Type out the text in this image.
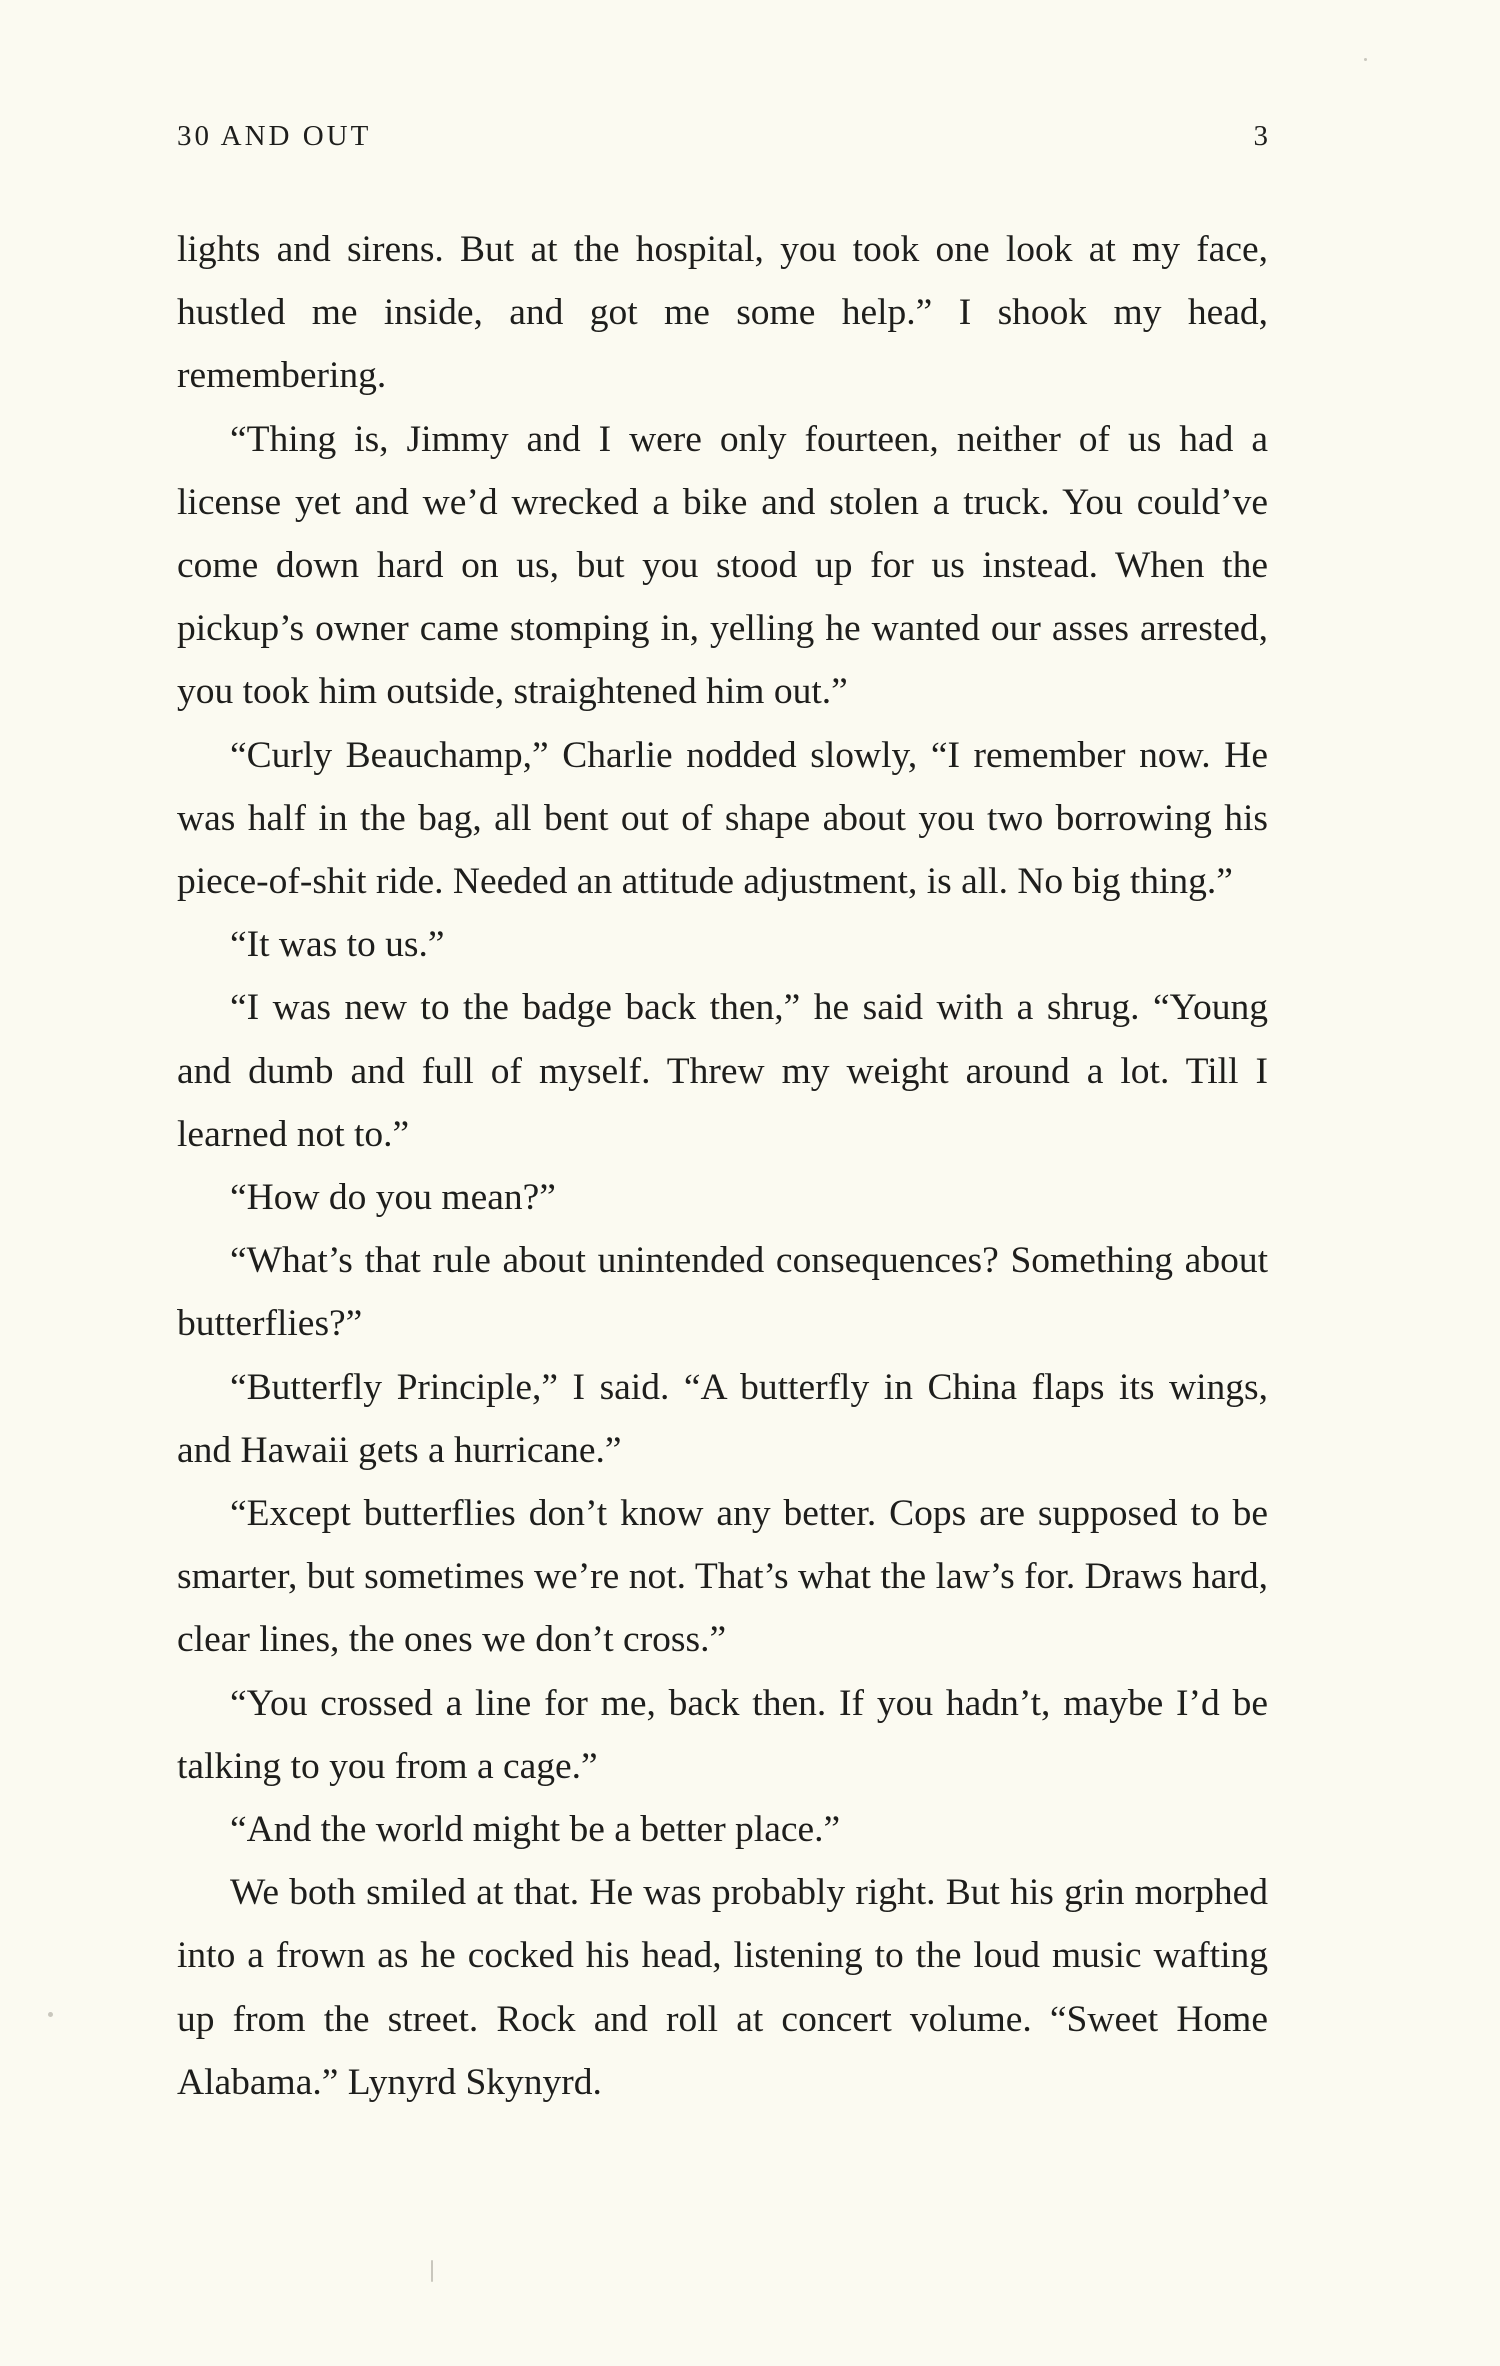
30 AND OUT	3

lights and sirens. But at the hospital, you took one look at my face, hustled me inside, and got me some help.” I shook my head, remembering.

“Thing is, Jimmy and I were only fourteen, neither of us had a license yet and we’d wrecked a bike and stolen a truck. You could’ve come down hard on us, but you stood up for us instead. When the pickup’s owner came stomping in, yelling he wanted our asses arrested, you took him outside, straightened him out.”

“Curly Beauchamp,” Charlie nodded slowly, “I remember now. He was half in the bag, all bent out of shape about you two borrowing his piece-of-shit ride. Needed an attitude adjustment, is all. No big thing.”

“It was to us.”

“I was new to the badge back then,” he said with a shrug. “Young and dumb and full of myself. Threw my weight around a lot. Till I learned not to.”

“How do you mean?”

“What’s that rule about unintended consequences? Something about butterflies?”

“Butterfly Principle,” I said. “A butterfly in China flaps its wings, and Hawaii gets a hurricane.”

“Except butterflies don’t know any better. Cops are supposed to be smarter, but sometimes we’re not. That’s what the law’s for. Draws hard, clear lines, the ones we don’t cross.”

“You crossed a line for me, back then. If you hadn’t, maybe I’d be talking to you from a cage.”

“And the world might be a better place.”

We both smiled at that. He was probably right. But his grin morphed into a frown as he cocked his head, listening to the loud music wafting up from the street. Rock and roll at concert volume. “Sweet Home Alabama.” Lynyrd Skynyrd.
